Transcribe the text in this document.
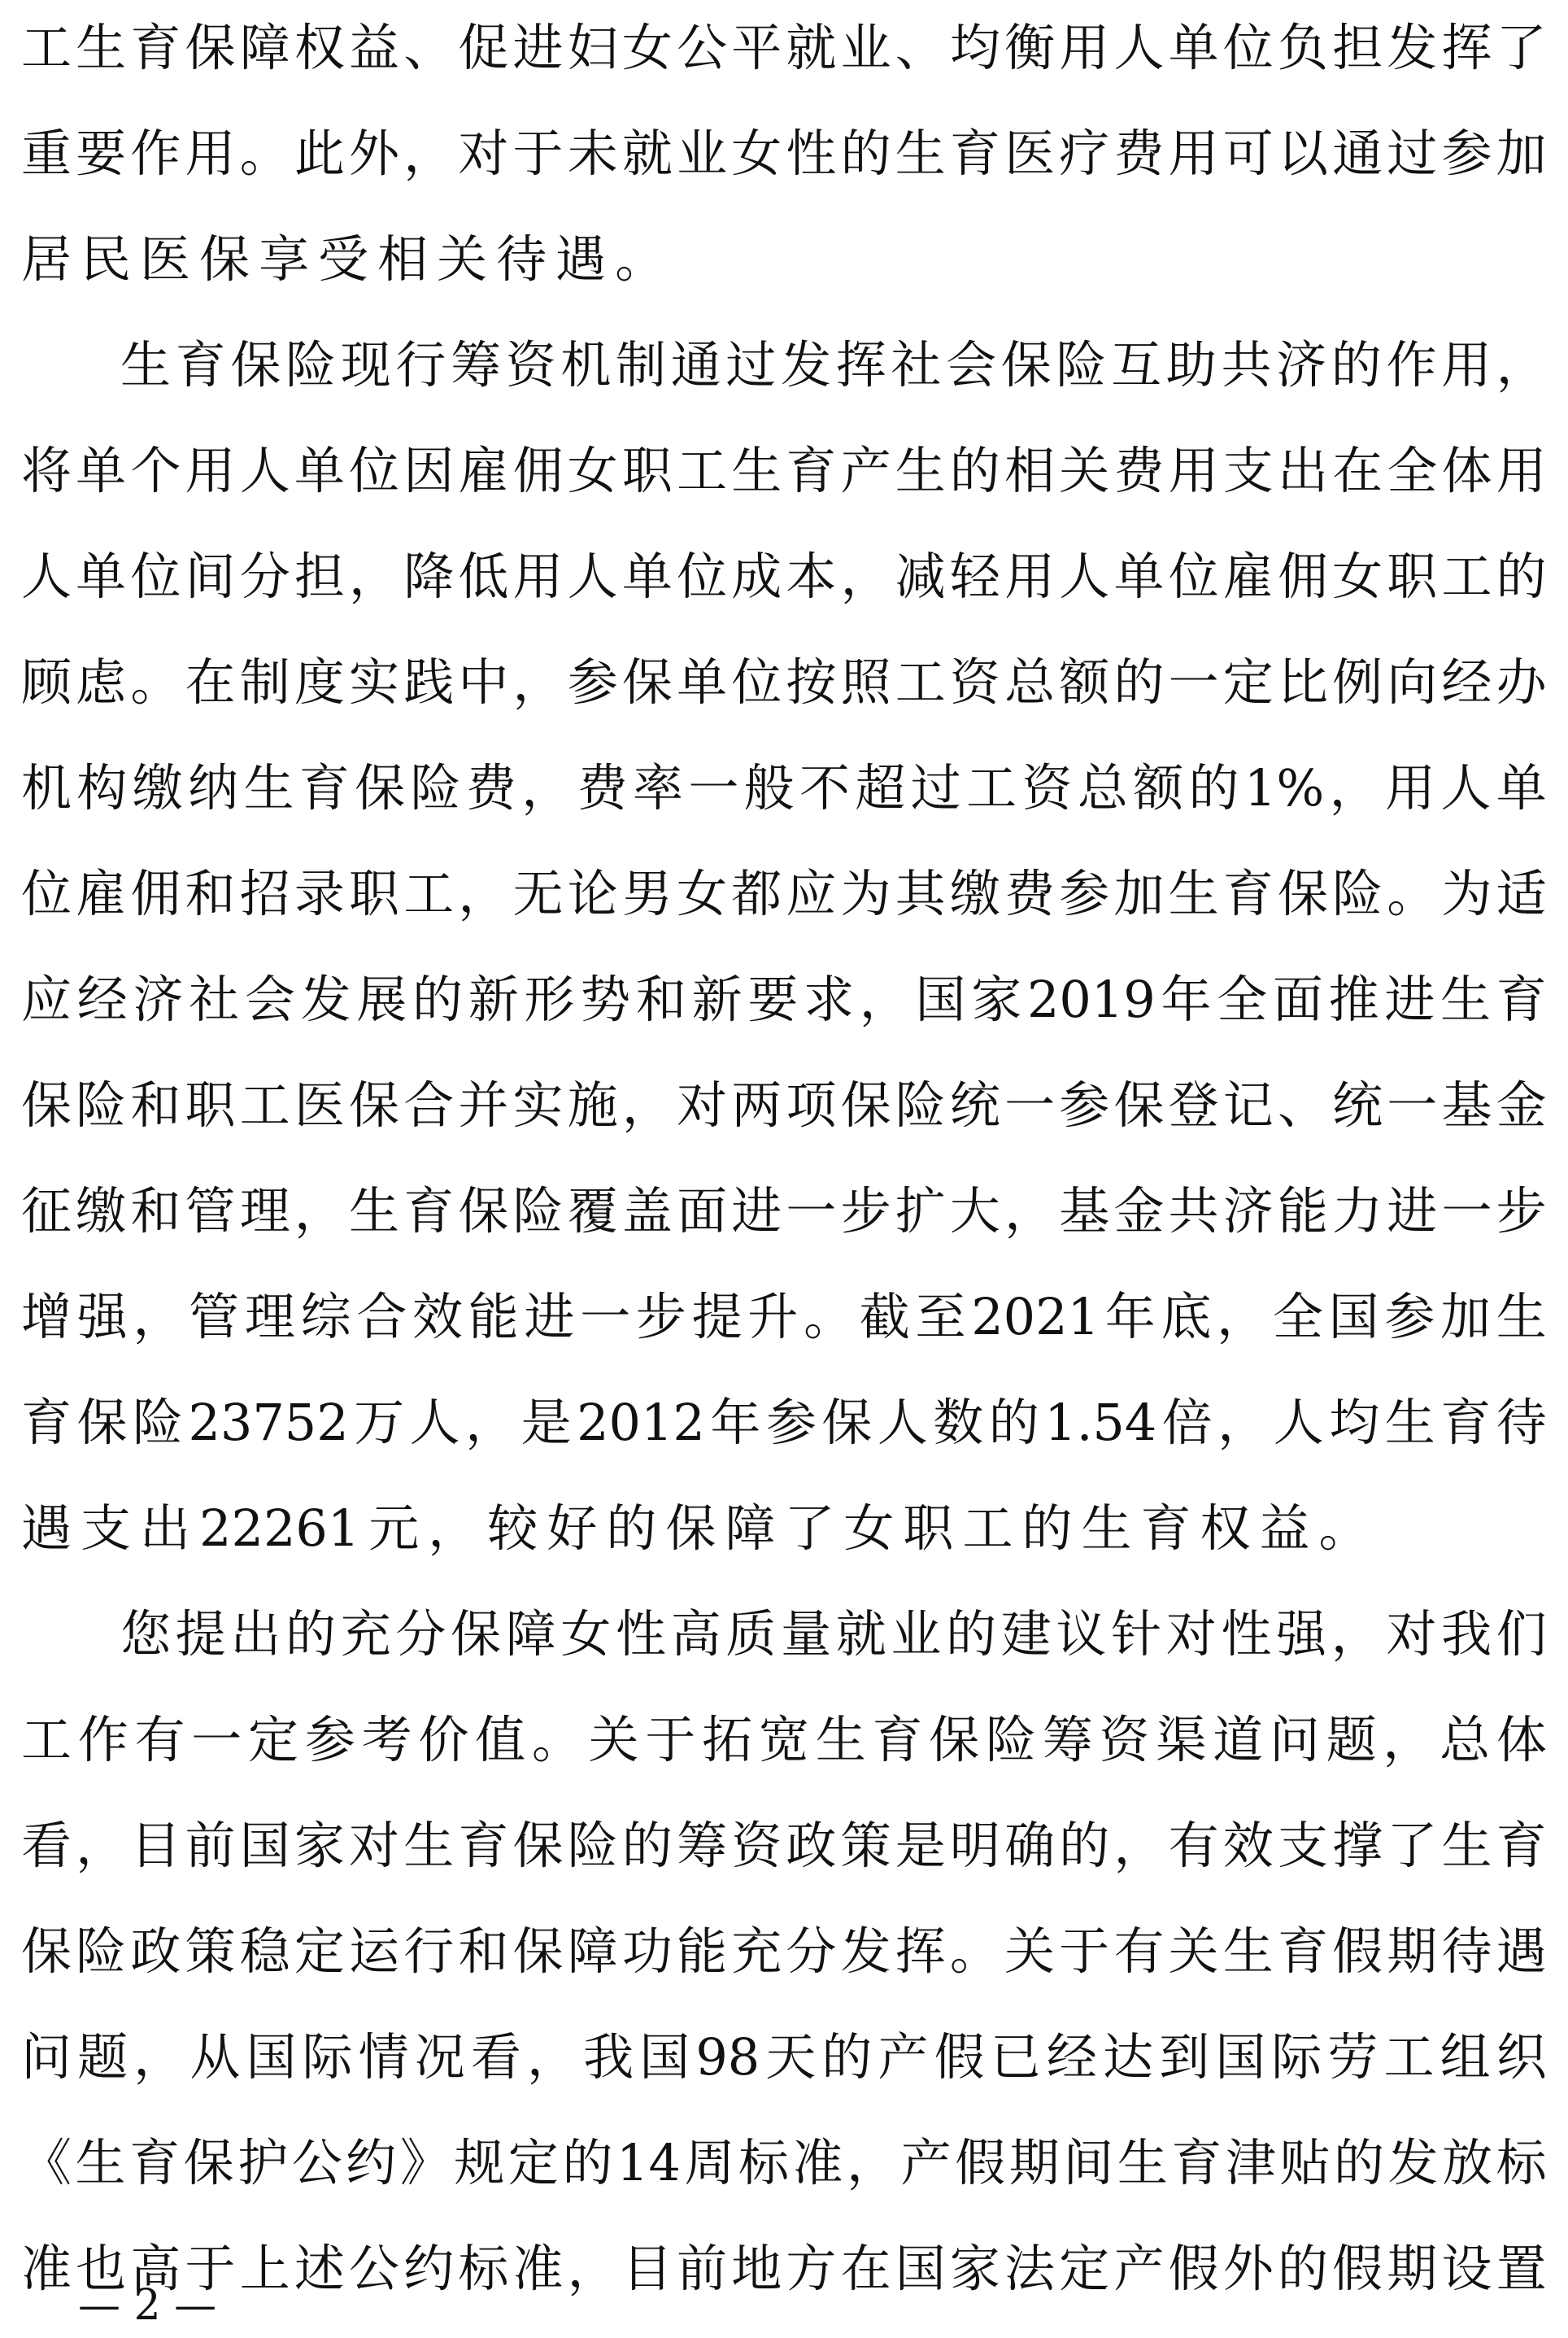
工 生 育 保 障 权 益 、 促 进 妇 女 公 平 就 业 、 均 衡 用 人 单 位 负 担 发 挥 了
重 要 作 用 。 此 外 ， 对 于 未 就 业 女 性 的 生 育 医 疗 费 用 可 以 通 过 参 加
居 民 医 保 享 受 相 关 待 遇 。
生 育 保 险 现 行 筹 资 机 制 通 过 发 挥 社 会 保 险 互 助 共 济 的 作 用 ，
将 单 个 用 人 单 位 因 雇 佣 女 职 工 生 育 产 生 的 相 关 费 用 支 出 在 全 体 用
人 单 位 间 分 担 ， 降 低 用 人 单 位 成 本 ， 减 轻 用 人 单 位 雇 佣 女 职 工 的
顾 虑 。 在 制 度 实 践 中 ， 参 保 单 位 按 照 工 资 总 额 的 一 定 比 例 向 经 办
机 构 缴 纳 生 育 保 险 费 ， 费 率 一 般 不 超 过 工 资 总 额 的 1% ， 用 人 单
位 雇 佣 和 招 录 职 工 ， 无 论 男 女 都 应 为 其 缴 费 参 加 生 育 保 险 。 为 适
应 经 济 社 会 发 展 的 新 形 势 和 新 要 求 ， 国 家 2019 年 全 面 推 进 生 育
保 险 和 职 工 医 保 合 并 实 施 ， 对 两 项 保 险 统 一 参 保 登 记 、 统 一 基 金
征 缴 和 管 理 ， 生 育 保 险 覆 盖 面 进 一 步 扩 大 ， 基 金 共 济 能 力 进 一 步
增 强 ， 管 理 综 合 效 能 进 一 步 提 升 。 截 至 2021 年 底 ， 全 国 参 加 生
育 保 险 23752 万 人 ， 是 2012 年 参 保 人 数 的 1.54 倍 ， 人 均 生 育 待
遇 支 出 22261 元 ， 较 好 的 保 障 了 女 职 工 的 生 育 权 益 。
您 提 出 的 充 分 保 障 女 性 高 质 量 就 业 的 建 议 针 对 性 强 ， 对 我 们
工 作 有 一 定 参 考 价 值 。 关 于 拓 宽 生 育 保 险 筹 资 渠 道 问 题 ， 总 体
看 ， 目 前 国 家 对 生 育 保 险 的 筹 资 政 策 是 明 确 的 ， 有 效 支 撑 了 生 育
保 险 政 策 稳 定 运 行 和 保 障 功 能 充 分 发 挥 。 关 于 有 关 生 育 假 期 待 遇
问 题 ， 从 国 际 情 况 看 ， 我 国 98 天 的 产 假 已 经 达 到 国 际 劳 工 组 织
《 生 育 保 护 公 约 》 规 定 的 14 周 标 准 ， 产 假 期 间 生 育 津 贴 的 发 放 标
准 也 高 于 上 述 公 约 标 准 ， 目 前 地 方 在 国 家 法 定 产 假 外 的 假 期 设 置
— 2 —
